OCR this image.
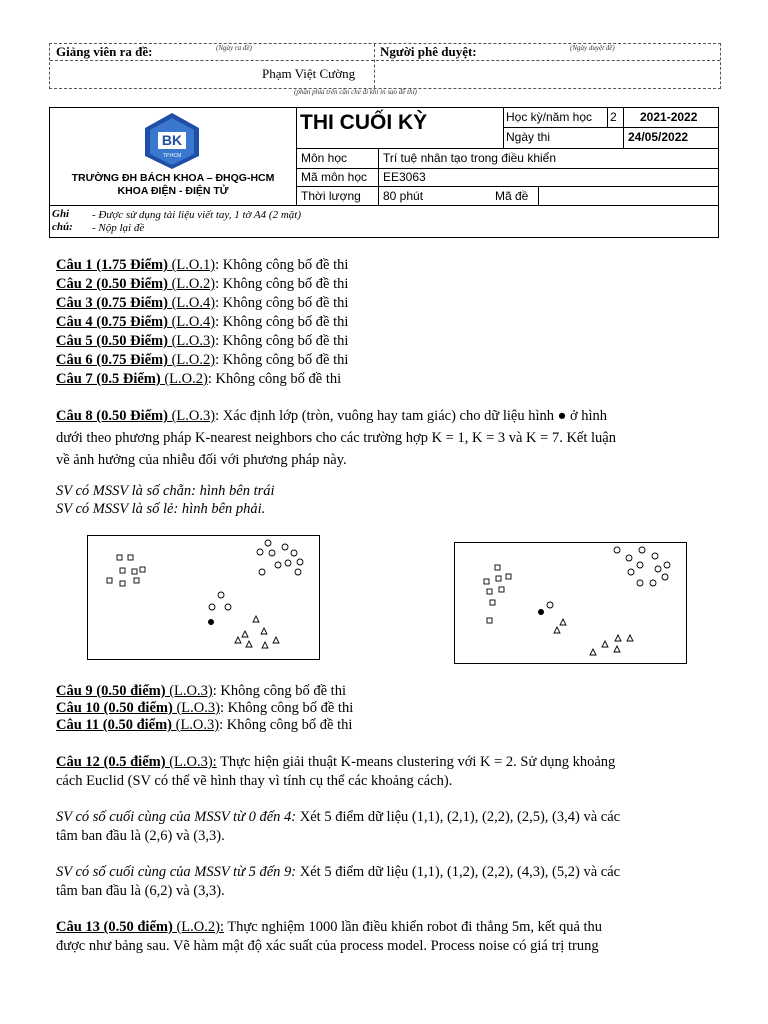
Giảng viên ra đề:	(Ngày ra đề)	Người phê duyệt:	(Ngày duyệt đề)
Phạm Việt Cường
(phần phía trên cần che đi khi in sao đề thi)
BK
TP.HCM
TRƯỜNG ĐH BÁCH KHOA – ĐHQG-HCM
KHOA ĐIỆN - ĐIỆN TỬ
THI CUỐI KỲ	Học kỳ/năm học 2 2021-2022
Ngày thi	24/05/2022
Môn học	Trí tuệ nhân tạo trong điều khiển
Mã môn học EE3063
Thời lượng 80 phút	Mã đề
Ghi
chú:
- Được sử dụng tài liệu viết tay, 1 tờ A4 (2 mặt)
- Nộp lại đề
Câu 1 (1.75 Điểm) (L.O.1): Không công bố đề thi
Câu 2 (0.50 Điểm) (L.O.2): Không công bố đề thi
Câu 3 (0.75 Điểm) (L.O.4): Không công bố đề thi
Câu 4 (0.75 Điểm) (L.O.4): Không công bố đề thi
Câu 5 (0.50 Điểm) (L.O.3): Không công bố đề thi
Câu 6 (0.75 Điểm) (L.O.2): Không công bố đề thi
Câu 7 (0.5 Điểm) (L.O.2): Không công bố đề thi
Câu 8 (0.50 Điểm) (L.O.3): Xác định lớp (tròn, vuông hay tam giác) cho dữ liệu hình ● ở hình
dưới theo phương pháp K-nearest neighbors cho các trường hợp K = 1, K = 3 và K = 7. Kết luận
về ảnh hưởng của nhiễu đối với phương pháp này.
SV có MSSV là số chẵn: hình bên trái
SV có MSSV là số lẻ: hình bên phải.
Câu 9 (0.50 điểm) (L.O.3): Không công bố đề thi
Câu 10 (0.50 điểm) (L.O.3): Không công bố đề thi
Câu 11 (0.50 điểm) (L.O.3): Không công bố đề thi
Câu 12 (0.5 điểm) (L.O.3): Thực hiện giải thuật K-means clustering với K = 2. Sử dụng khoảng
cách Euclid (SV có thể vẽ hình thay vì tính cụ thể các khoảng cách).
SV có số cuối cùng của MSSV từ 0 đến 4: Xét 5 điểm dữ liệu (1,1), (2,1), (2,2), (2,5), (3,4) và các
tâm ban đầu là (2,6) và (3,3).
SV có số cuối cùng của MSSV từ 5 đến 9: Xét 5 điểm dữ liệu (1,1), (1,2), (2,2), (4,3), (5,2) và các
tâm ban đầu là (6,2) và (3,3).
Câu 13 (0.50 điểm) (L.O.2): Thực nghiệm 1000 lần điều khiển robot đi thẳng 5m, kết quả thu
được như bảng sau. Vẽ hàm mật độ xác suất của process model. Process noise có giá trị trung
